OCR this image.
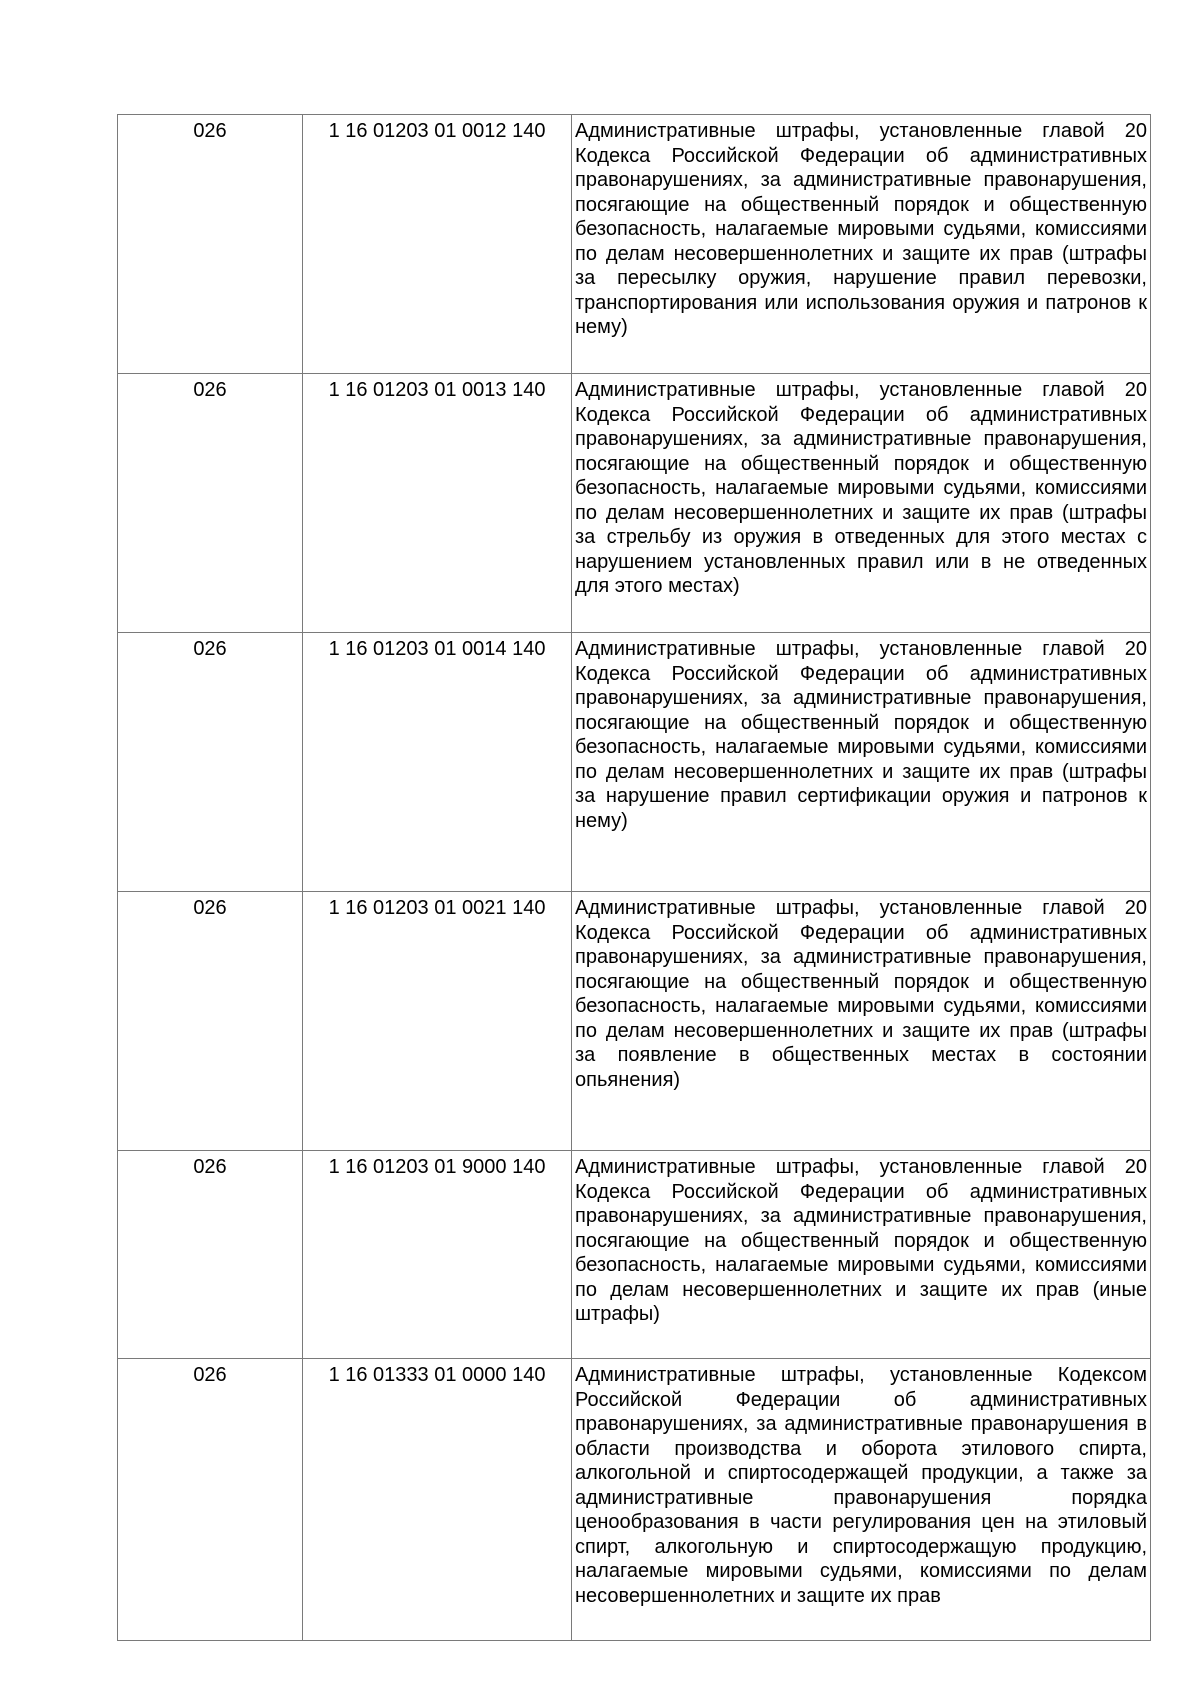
026	1 16 01203 01 0012 140	Административные штрафы, установленные главой 20 Кодекса Российской Федерации об административных правонарушениях, за административные правонарушения, посягающие на общественный порядок и общественную безопасность, налагаемые мировыми судьями, комиссиями по делам несовершеннолетних и защите их прав (штрафы за пересылку оружия, нарушение правил перевозки, транспортирования или использования оружия и патронов к нему)

026	1 16 01203 01 0013 140	Административные штрафы, установленные главой 20 Кодекса Российской Федерации об административных правонарушениях, за административные правонарушения, посягающие на общественный порядок и общественную безопасность, налагаемые мировыми судьями, комиссиями по делам несовершеннолетних и защите их прав (штрафы за стрельбу из оружия в отведенных для этого местах с нарушением установленных правил или в не отведенных для этого местах)

026	1 16 01203 01 0014 140	Административные штрафы, установленные главой 20 Кодекса Российской Федерации об административных правонарушениях, за административные правонарушения, посягающие на общественный порядок и общественную безопасность, налагаемые мировыми судьями, комиссиями по делам несовершеннолетних и защите их прав (штрафы за нарушение правил сертификации оружия и патронов к нему)

026	1 16 01203 01 0021 140	Административные штрафы, установленные главой 20 Кодекса Российской Федерации об административных правонарушениях, за административные правонарушения, посягающие на общественный порядок и общественную безопасность, налагаемые мировыми судьями, комиссиями по делам несовершеннолетних и защите их прав (штрафы за появление в общественных местах в состоянии опьянения)

026	1 16 01203 01 9000 140	Административные штрафы, установленные главой 20 Кодекса Российской Федерации об административных правонарушениях, за административные правонарушения, посягающие на общественный порядок и общественную безопасность, налагаемые мировыми судьями, комиссиями по делам несовершеннолетних и защите их прав (иные штрафы)

026	1 16 01333 01 0000 140	Административные штрафы, установленные Кодексом Российской Федерации об административных правонарушениях, за административные правонарушения в области производства и оборота этилового спирта, алкогольной и спиртосодержащей продукции, а также за административные правонарушения порядка ценообразования в части регулирования цен на этиловый спирт, алкогольную и спиртосодержащую продукцию, налагаемые мировыми судьями, комиссиями по делам несовершеннолетних и защите их прав
